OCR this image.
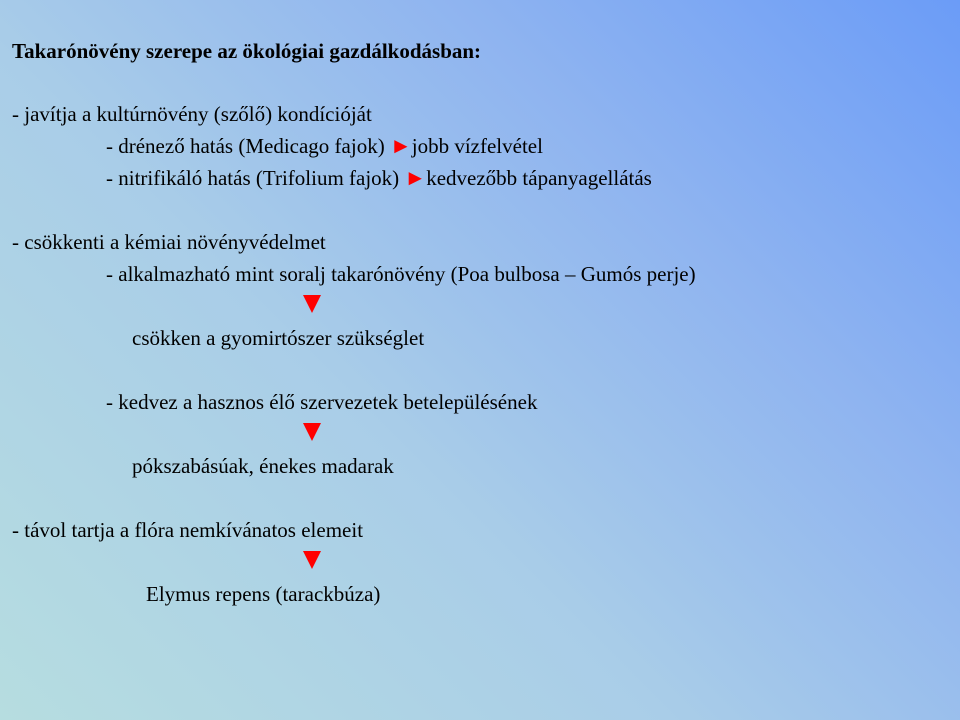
Takarónövény szerepe az ökológiai gazdálkodásban:

- javítja a kultúrnövény (szőlő) kondícióját

- drénező hatás (Medicago fajok) ►jobb vízfelvétel

- nitrifikáló hatás (Trifolium fajok) ►kedvezőbb tápanyagellátás

- csökkenti a kémiai növényvédelmet

- alkalmazható mint soralj takarónövény (Poa bulbosa – Gumós perje)

csökken a gyomirtószer szükséglet

- kedvez a hasznos élő szervezetek betelepülésének

pókszabásúak, énekes madarak

- távol tartja a flóra nemkívánatos elemeit

Elymus repens (tarackbúza)
